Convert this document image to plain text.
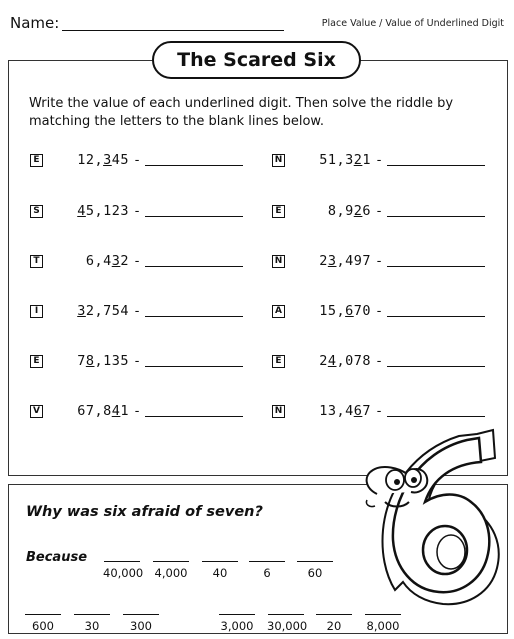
Name:	Place Value / Value of Underlined Digit
The Scared Six
Write the value of each underlined digit. Then solve the riddle by matching the letters to the blank lines below.
E	12, 3 45 -	N	51,3 2 1 -
S	4 5,123 -	E	8,9 2 6 -
T	6,4 3 2 -	N	2 3 ,497 -
I	3 2,754 -	A	15, 6 70 -
E	7 8 ,135 -	E	2 4 ,078 -
V	67,8 4 1 -	N	13,4 6 7 -
Why was six afraid of seven?
Because
40,000 4,000	40	6	60
600	30	300	3,000 30,000	20	8,000
